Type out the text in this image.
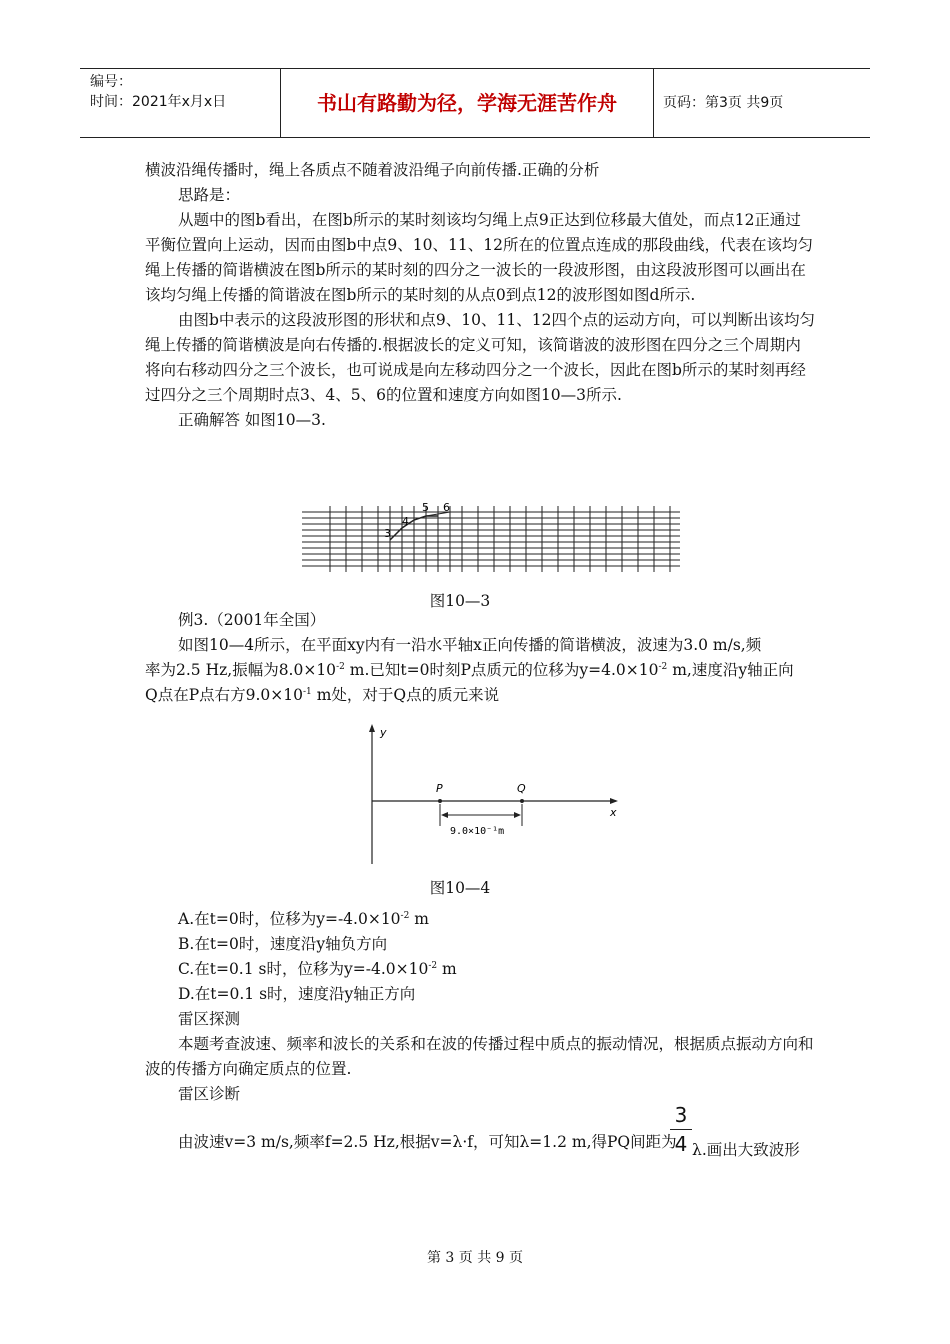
编号：
时间：2021年x月x日	书山有路勤为径，学海无涯苦作舟	页码：第3页 共9页

横波沿绳传播时，绳上各质点不随着波沿绳子向前传播.正确的分析

思路是：

从题中的图b看出，在图b所示的某时刻该均匀绳上点9正达到位移最大值处，而点12正通过平衡位置向上运动，因而由图b中点9、10、11、12所在的位置点连成的那段曲线，代表在该均匀绳上传播的简谐横波在图b所示的某时刻的四分之一波长的一段波形图，由这段波形图可以画出在该均匀绳上传播的简谐波在图b所示的某时刻的从点0到点12的波形图如图d所示.

由图b中表示的这段波形图的形状和点9、10、11、12四个点的运动方向，可以判断出该均匀绳上传播的简谐横波是向右传播的.根据波长的定义可知，该简谐波的波形图在四分之三个周期内将向右移动四分之三个波长，也可说成是向左移动四分之一个波长，因此在图b所示的某时刻再经过四分之三个周期时点3、4、5、6的位置和速度方向如图10—3所示.

正确解答 如图10—3.

3
4
5 6
图10—3

例3.（2001年全国）

如图10—4所示，在平面xy内有一沿水平轴x正向传播的简谐横波，波速为3.0 m/s,频

率为2.5 Hz,振幅为$8.0\times 10^{-2}$ m.已知t=0时刻P点质元的位移为$y=4.0\times 10^{-2}$ m,速度沿y轴正向

Q点在P点右方$9.0\times 10^{-1}$ m处，对于Q点的质元来说

y
x
P	Q
9.0×10⁻¹m
图10—4

A.在t=0时，位移为$y=-4.0\times 10^{-2}$ m

B.在t=0时，速度沿y轴负方向

C.在t=0.1 s时，位移为$y=-4.0\times 10^{-2}$ m

D.在t=0.1 s时，速度沿y轴正方向

雷区探测

本题考查波速、频率和波长的关系和在波的传播过程中质点的振动情况，根据质点振动方向和波的传播方向确定质点的位置.

雷区诊断

由波速v=3 m/s,频率f=2.5 Hz,根据v=λ·f，可知λ=1.2 m,得PQ间距为
3
4 λ.画出大致波形
第 3 页 共 9 页
